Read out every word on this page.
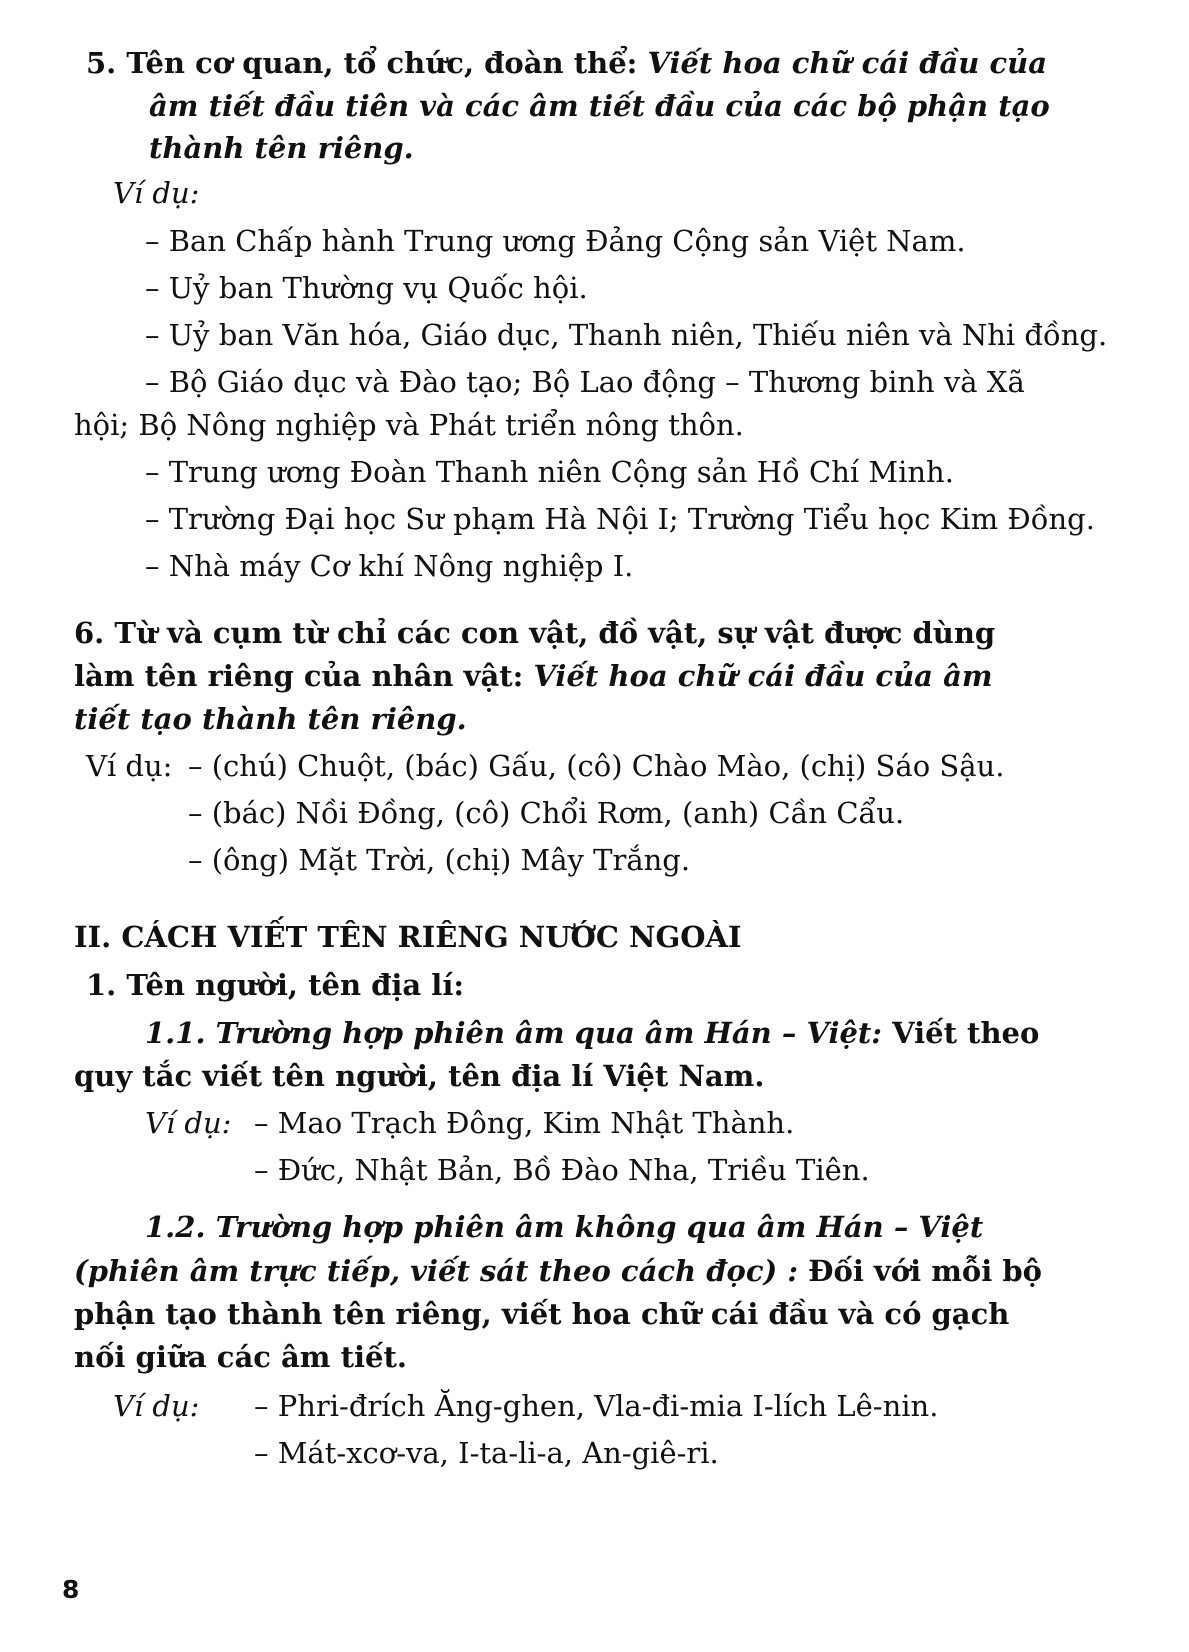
5. Tên cơ quan, tổ chức, đoàn thể: Viết hoa chữ cái đầu của
âm tiết đầu tiên và các âm tiết đầu của các bộ phận tạo
thành tên riêng.
Ví dụ:
– Ban Chấp hành Trung ương Đảng Cộng sản Việt Nam.
– Uỷ ban Thường vụ Quốc hội.
– Uỷ ban Văn hóa, Giáo dục, Thanh niên, Thiếu niên và Nhi đồng.
– Bộ Giáo dục và Đào tạo; Bộ Lao động – Thương binh và Xã
hội; Bộ Nông nghiệp và Phát triển nông thôn.
– Trung ương Đoàn Thanh niên Cộng sản Hồ Chí Minh.
– Trường Đại học Sư phạm Hà Nội I; Trường Tiểu học Kim Đồng.
– Nhà máy Cơ khí Nông nghiệp I.
6. Từ và cụm từ chỉ các con vật, đồ vật, sự vật được dùng
làm tên riêng của nhân vật: Viết hoa chữ cái đầu của âm
tiết tạo thành tên riêng.
Ví dụ: – (chú) Chuột, (bác) Gấu, (cô) Chào Mào, (chị) Sáo Sậu.
– (bác) Nồi Đồng, (cô) Chổi Rơm, (anh) Cần Cẩu.
– (ông) Mặt Trời, (chị) Mây Trắng.
II. CÁCH VIẾT TÊN RIÊNG NƯỚC NGOÀI
1. Tên người, tên địa lí:
1.1. Trường hợp phiên âm qua âm Hán – Việt: Viết theo
quy tắc viết tên người, tên địa lí Việt Nam.
Ví dụ: – Mao Trạch Đông, Kim Nhật Thành.
– Đức, Nhật Bản, Bồ Đào Nha, Triều Tiên.
1.2. Trường hợp phiên âm không qua âm Hán – Việt
(phiên âm trực tiếp, viết sát theo cách đọc) : Đối với mỗi bộ
phận tạo thành tên riêng, viết hoa chữ cái đầu và có gạch
nối giữa các âm tiết.
Ví dụ: – Phri-đrích Ăng-ghen, Vla-đi-mia I-lích Lê-nin.
– Mát-xcơ-va, I-ta-li-a, An-giê-ri.
8
